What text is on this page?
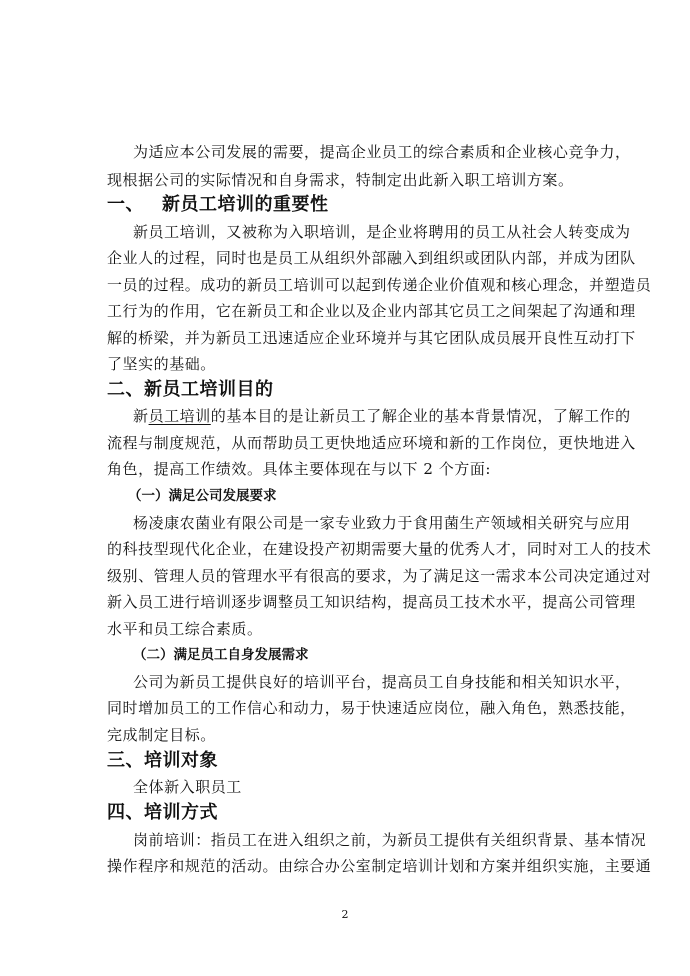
为适应本公司发展的需要，提高企业员工的综合素质和企业核心竞争力，
现根据公司的实际情况和自身需求，特制定出此新入职工培训方案。
一、 新员工培训的重要性
新员工培训，又被称为入职培训，是企业将聘用的员工从社会人转变成为
企业人的过程，同时也是员工从组织外部融入到组织或团队内部，并成为团队
一员的过程。成功的新员工培训可以起到传递企业价值观和核心理念，并塑造员
工行为的作用，它在新员工和企业以及企业内部其它员工之间架起了沟通和理
解的桥梁，并为新员工迅速适应企业环境并与其它团队成员展开良性互动打下
了坚实的基础。
二、新员工培训目的
新员工培训的基本目的是让新员工了解企业的基本背景情况，了解工作的
流程与制度规范，从而帮助员工更快地适应环境和新的工作岗位，更快地进入
角色，提高工作绩效。具体主要体现在与以下 2 个方面:
（一）满足公司发展要求
杨凌康农菌业有限公司是一家专业致力于食用菌生产领域相关研究与应用
的科技型现代化企业，在建设投产初期需要大量的优秀人才，同时对工人的技术
级别、管理人员的管理水平有很高的要求，为了满足这一需求本公司决定通过对
新入员工进行培训逐步调整员工知识结构，提高员工技术水平，提高公司管理
水平和员工综合素质。
（二）满足员工自身发展需求
公司为新员工提供良好的培训平台，提高员工自身技能和相关知识水平，
同时增加员工的工作信心和动力，易于快速适应岗位，融入角色，熟悉技能，
完成制定目标。
三、培训对象
全体新入职员工
四、培训方式
岗前培训：指员工在进入组织之前，为新员工提供有关组织背景、基本情况
操作程序和规范的活动。由综合办公室制定培训计划和方案并组织实施，主要通
2
